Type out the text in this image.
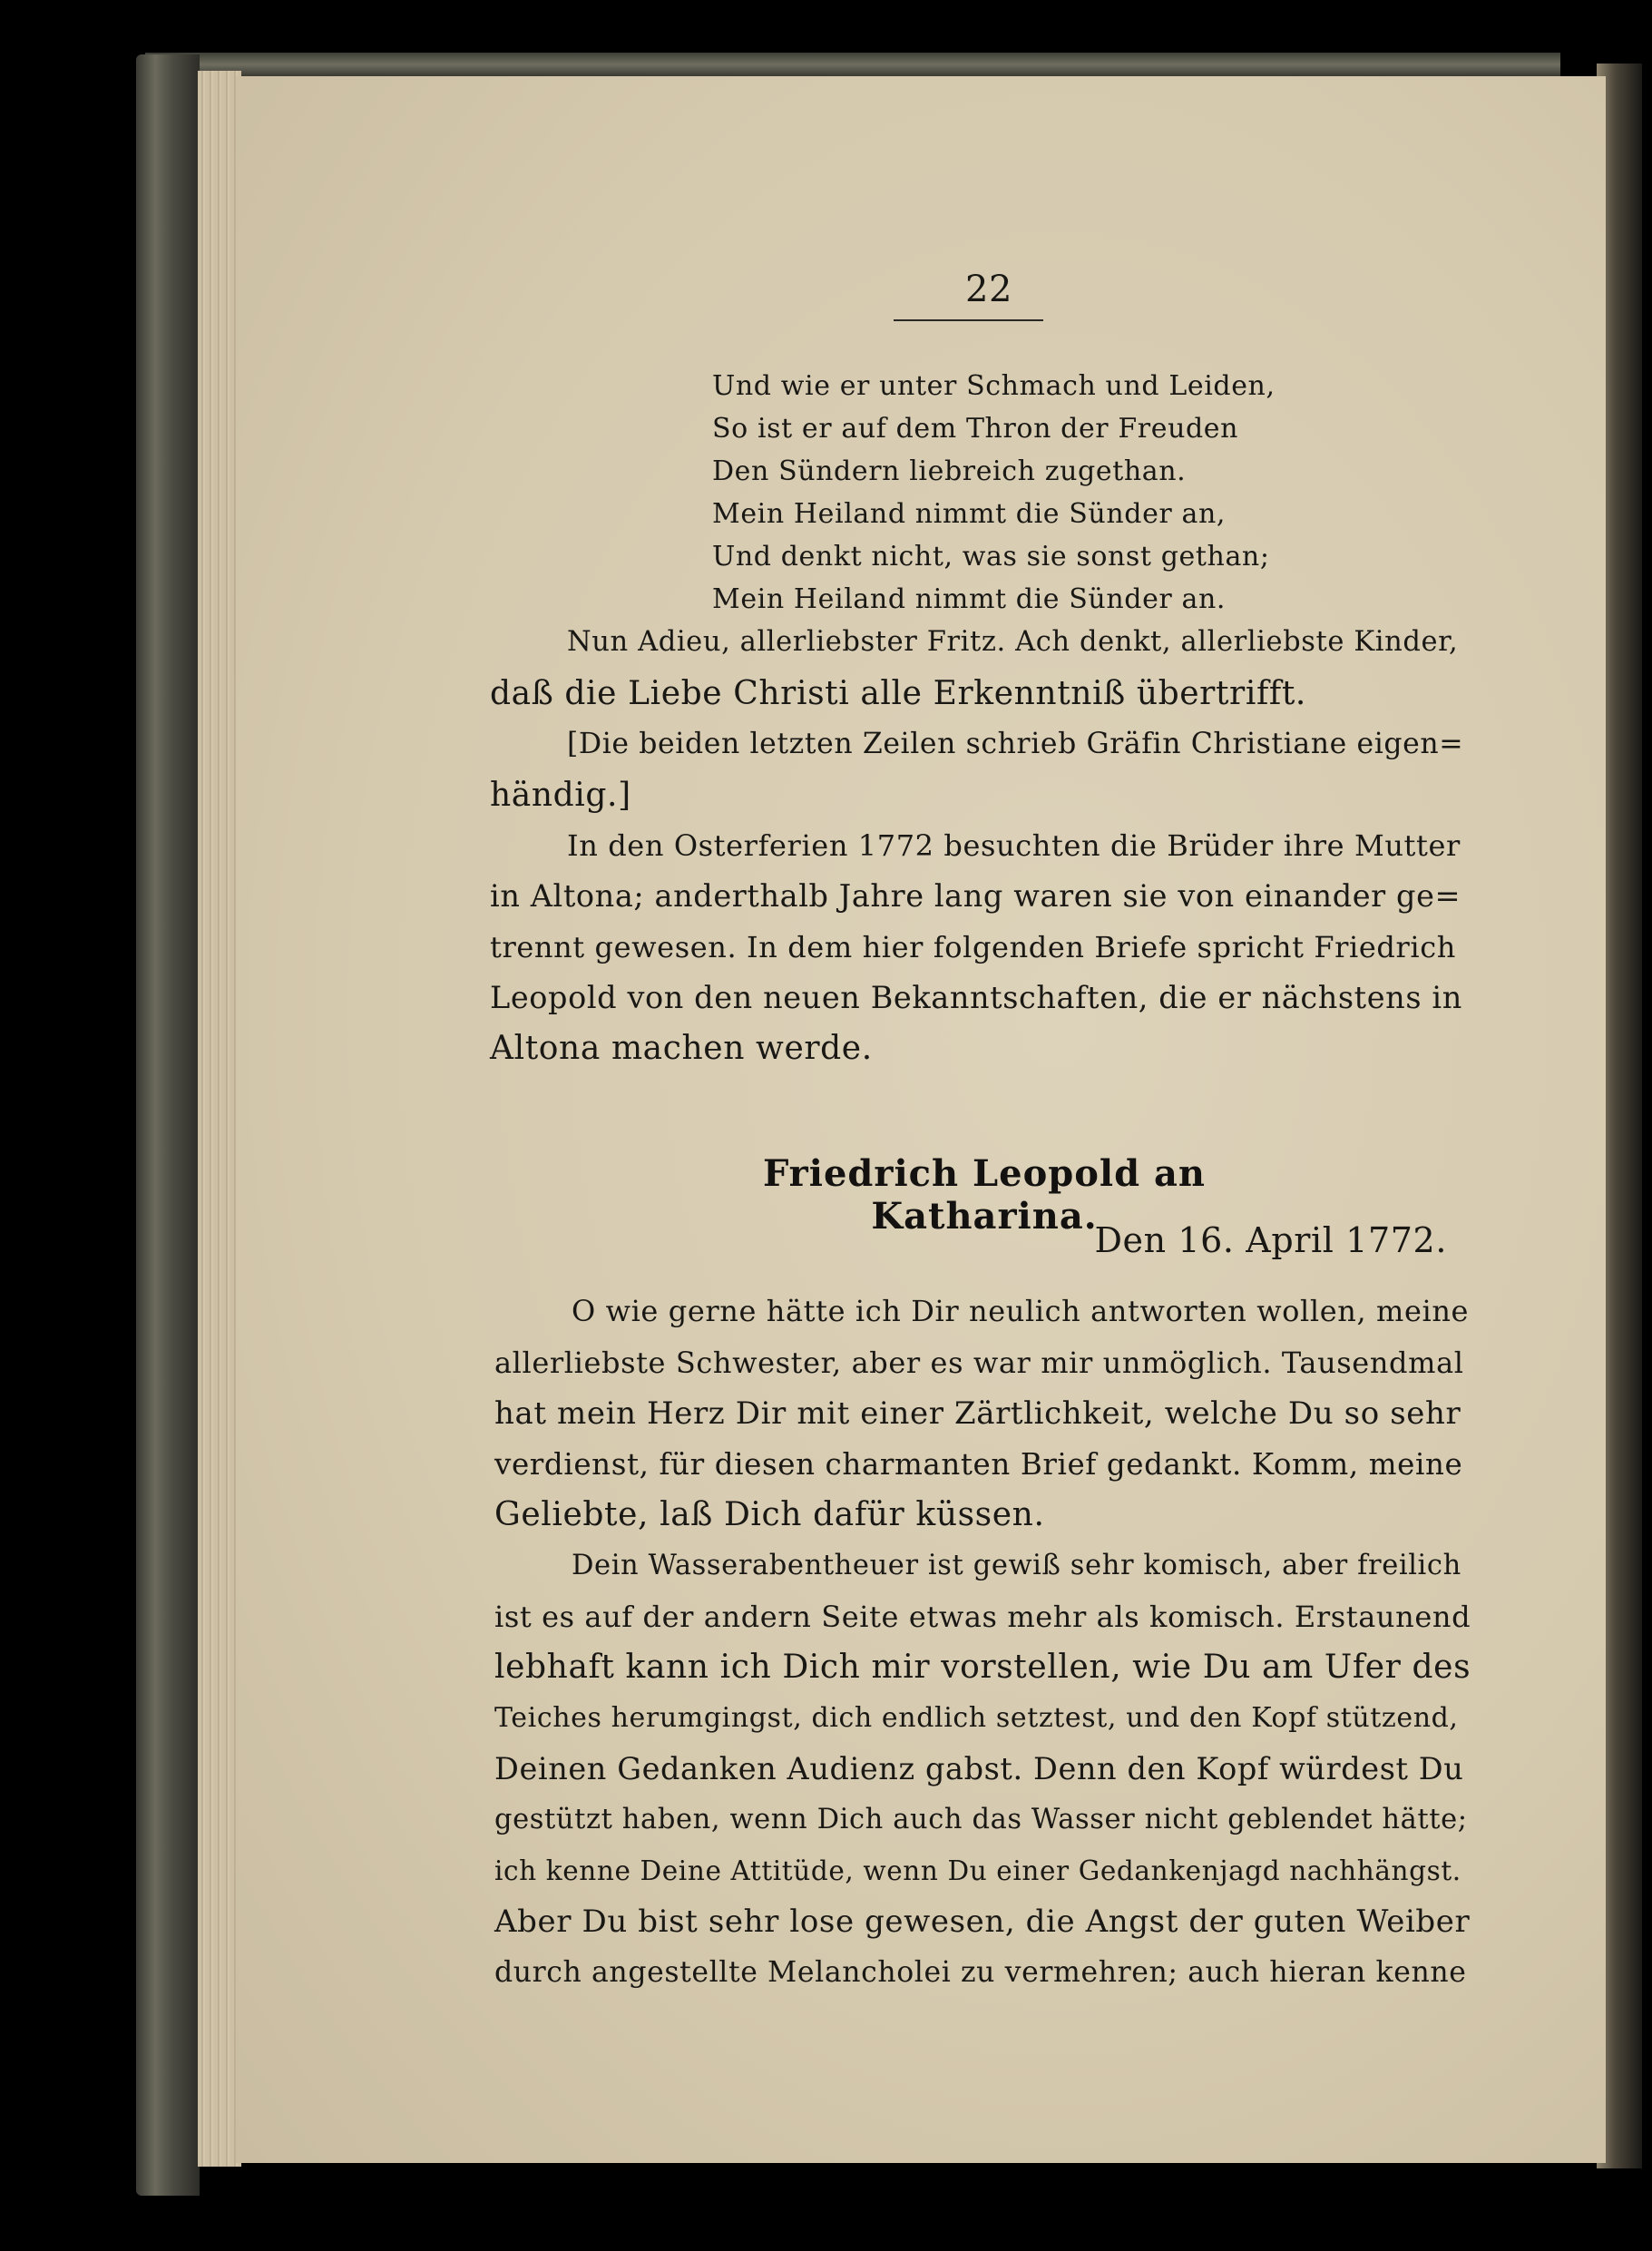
22
Und wie er unter Schmach und Leiden,
So ist er auf dem Thron der Freuden
Den Sündern liebreich zugethan.
Mein Heiland nimmt die Sünder an,
Und denkt nicht, was sie sonst gethan;
Mein Heiland nimmt die Sünder an.
Nun Adieu, allerliebster Fritz. Ach denkt, allerliebste Kinder,
daß die Liebe Christi alle Erkenntniß übertrifft.
[Die beiden letzten Zeilen schrieb Gräfin Christiane eigen=
händig.]
In den Osterferien 1772 besuchten die Brüder ihre Mutter
in Altona; anderthalb Jahre lang waren sie von einander ge=
trennt gewesen. In dem hier folgenden Briefe spricht Friedrich
Leopold von den neuen Bekanntschaften, die er nächstens in
Altona machen werde.
Friedrich Leopold an Katharina.
Den 16. April 1772.
O wie gerne hätte ich Dir neulich antworten wollen, meine
allerliebste Schwester, aber es war mir unmöglich. Tausendmal
hat mein Herz Dir mit einer Zärtlichkeit, welche Du so sehr
verdienst, für diesen charmanten Brief gedankt. Komm, meine
Geliebte, laß Dich dafür küssen.
Dein Wasserabentheuer ist gewiß sehr komisch, aber freilich
ist es auf der andern Seite etwas mehr als komisch. Erstaunend
lebhaft kann ich Dich mir vorstellen, wie Du am Ufer des
Teiches herumgingst, dich endlich setztest, und den Kopf stützend,
Deinen Gedanken Audienz gabst. Denn den Kopf würdest Du
gestützt haben, wenn Dich auch das Wasser nicht geblendet hätte;
ich kenne Deine Attitüde, wenn Du einer Gedankenjagd nachhängst.
Aber Du bist sehr lose gewesen, die Angst der guten Weiber
durch angestellte Melancholei zu vermehren; auch hieran kenne
